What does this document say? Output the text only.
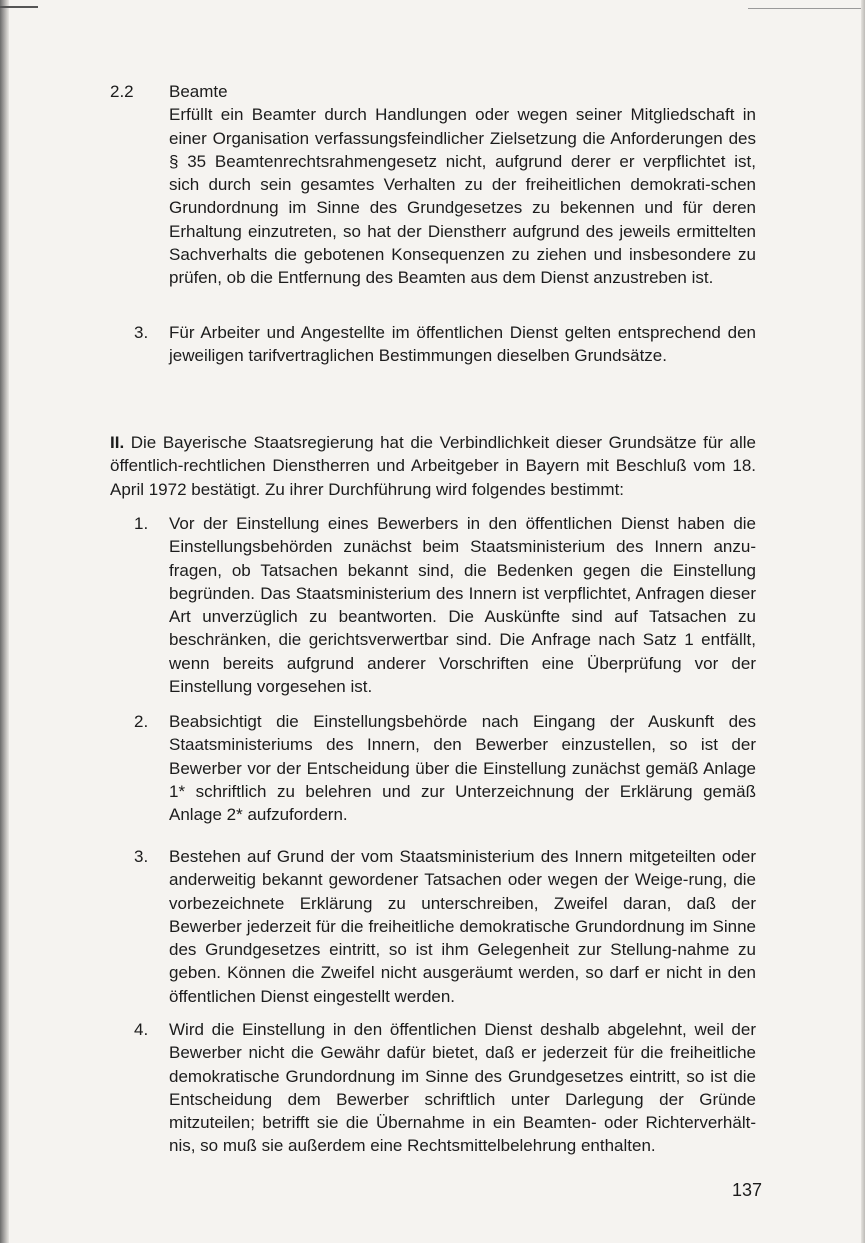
2.2 Beamte
Erfüllt ein Beamter durch Handlungen oder wegen seiner Mitgliedschaft in einer Organisation verfassungsfeindlicher Zielsetzung die Anforderungen des § 35 Beamtenrechtsrahmengesetz nicht, aufgrund derer er verpflichtet ist, sich durch sein gesamtes Verhalten zu der freiheitlichen demokrati-schen Grundordnung im Sinne des Grundgesetzes zu bekennen und für deren Erhaltung einzutreten, so hat der Dienstherr aufgrund des jeweils ermittelten Sachverhalts die gebotenen Konsequenzen zu ziehen und insbesondere zu prüfen, ob die Entfernung des Beamten aus dem Dienst anzustreben ist.
3. Für Arbeiter und Angestellte im öffentlichen Dienst gelten entsprechend den jeweiligen tarifvertraglichen Bestimmungen dieselben Grundsätze.
II. Die Bayerische Staatsregierung hat die Verbindlichkeit dieser Grundsätze für alle öffentlich-rechtlichen Dienstherren und Arbeitgeber in Bayern mit Beschluß vom 18. April 1972 bestätigt. Zu ihrer Durchführung wird folgendes bestimmt:
1. Vor der Einstellung eines Bewerbers in den öffentlichen Dienst haben die Einstellungsbehörden zunächst beim Staatsministerium des Innern anzu-fragen, ob Tatsachen bekannt sind, die Bedenken gegen die Einstellung begründen. Das Staatsministerium des Innern ist verpflichtet, Anfragen dieser Art unverzüglich zu beantworten. Die Auskünfte sind auf Tatsachen zu beschränken, die gerichtsverwertbar sind. Die Anfrage nach Satz 1 entfällt, wenn bereits aufgrund anderer Vorschriften eine Überprüfung vor der Einstellung vorgesehen ist.
2. Beabsichtigt die Einstellungsbehörde nach Eingang der Auskunft des Staatsministeriums des Innern, den Bewerber einzustellen, so ist der Bewerber vor der Entscheidung über die Einstellung zunächst gemäß Anlage 1* schriftlich zu belehren und zur Unterzeichnung der Erklärung gemäß Anlage 2* aufzufordern.
3. Bestehen auf Grund der vom Staatsministerium des Innern mitgeteilten oder anderweitig bekannt gewordener Tatsachen oder wegen der Weige-rung, die vorbezeichnete Erklärung zu unterschreiben, Zweifel daran, daß der Bewerber jederzeit für die freiheitliche demokratische Grundordnung im Sinne des Grundgesetzes eintritt, so ist ihm Gelegenheit zur Stellung-nahme zu geben. Können die Zweifel nicht ausgeräumt werden, so darf er nicht in den öffentlichen Dienst eingestellt werden.
4. Wird die Einstellung in den öffentlichen Dienst deshalb abgelehnt, weil der Bewerber nicht die Gewähr dafür bietet, daß er jederzeit für die freiheitliche demokratische Grundordnung im Sinne des Grundgesetzes eintritt, so ist die Entscheidung dem Bewerber schriftlich unter Darlegung der Gründe mitzuteilen; betrifft sie die Übernahme in ein Beamten- oder Richterverhält-nis, so muß sie außerdem eine Rechtsmittelbelehrung enthalten.
137
